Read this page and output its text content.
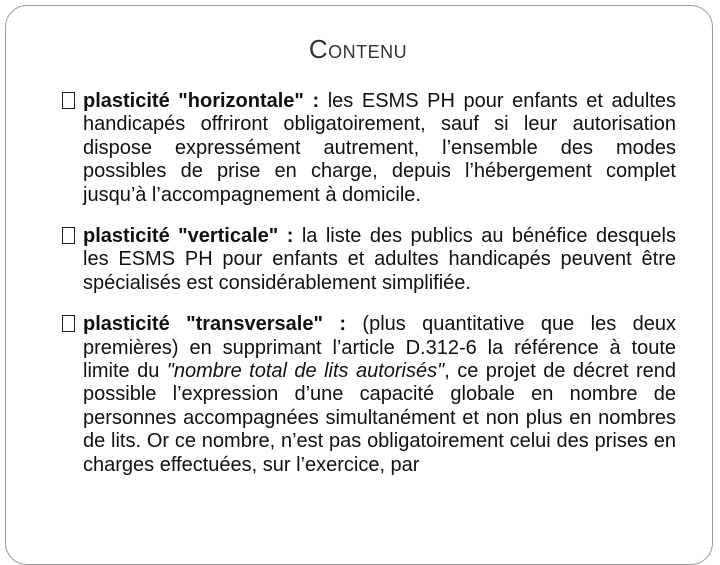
Contenu

plasticité "horizontale" : les ESMS PH pour enfants et adultes handicapés offriront obligatoirement, sauf si leur autorisation dispose expressément autrement, l’ensemble des modes possibles de prise en charge, depuis l’hébergement complet jusqu’à l’accompagnement à domicile.

plasticité "verticale" : la liste des publics au bénéfice desquels les ESMS PH pour enfants et adultes handicapés peuvent être spécialisés est considérablement simplifiée.

plasticité "transversale" : (plus quantitative que les deux premières) en supprimant l’article D.312-6 la référence à toute limite du "nombre total de lits autorisés", ce projet de décret rend possible l’expression d’une capacité globale en nombre de personnes accompagnées simultanément et non plus en nombres de lits. Or ce nombre, n’est pas obligatoirement celui des prises en charges effectuées, sur l’exercice, par
